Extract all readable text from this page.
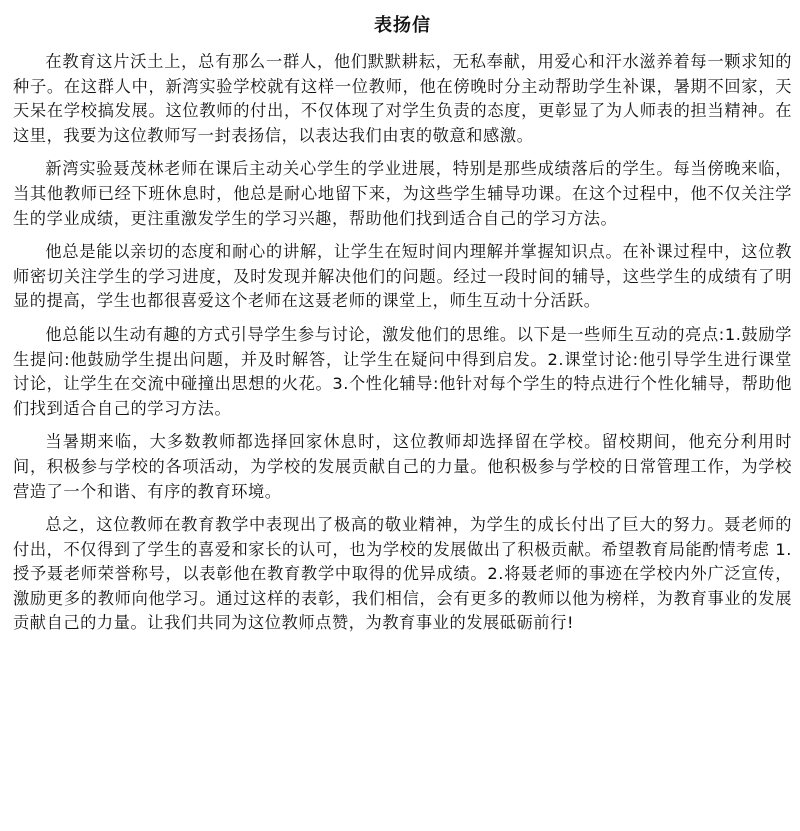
表扬信

在教育这片沃土上，总有那么一群人，他们默默耕耘，无私奉献，用爱心和汗水滋养着每一颗求知的种子。在这群人中，新湾实验学校就有这样一位教师，他在傍晚时分主动帮助学生补课，暑期不回家，天天呆在学校搞发展。这位教师的付出，不仅体现了对学生负责的态度，更彰显了为人师表的担当精神。在这里，我要为这位教师写一封表扬信，以表达我们由衷的敬意和感激。

新湾实验聂茂林老师在课后主动关心学生的学业进展，特别是那些成绩落后的学生。每当傍晚来临，当其他教师已经下班休息时，他总是耐心地留下来，为这些学生辅导功课。在这个过程中，他不仅关注学生的学业成绩，更注重激发学生的学习兴趣，帮助他们找到适合自己的学习方法。

他总是能以亲切的态度和耐心的讲解，让学生在短时间内理解并掌握知识点。在补课过程中，这位教师密切关注学生的学习进度，及时发现并解决他们的问题。经过一段时间的辅导，这些学生的成绩有了明显的提高，学生也都很喜爱这个老师在这聂老师的课堂上，师生互动十分活跃。

他总能以生动有趣的方式引导学生参与讨论，激发他们的思维。以下是一些师生互动的亮点:1.鼓励学生提问:他鼓励学生提出问题，并及时解答，让学生在疑问中得到启发。2.课堂讨论:他引导学生进行课堂讨论，让学生在交流中碰撞出思想的火花。3.个性化辅导:他针对每个学生的特点进行个性化辅导，帮助他们找到适合自己的学习方法。

当暑期来临，大多数教师都选择回家休息时，这位教师却选择留在学校。留校期间，他充分利用时间，积极参与学校的各项活动，为学校的发展贡献自己的力量。他积极参与学校的日常管理工作，为学校营造了一个和谐、有序的教育环境。

总之，这位教师在教育教学中表现出了极高的敬业精神，为学生的成长付出了巨大的努力。聂老师的付出，不仅得到了学生的喜爱和家长的认可，也为学校的发展做出了积极贡献。希望教育局能酌情考虑 1.授予聂老师荣誉称号，以表彰他在教育教学中取得的优异成绩。2.将聂老师的事迹在学校内外广泛宣传，激励更多的教师向他学习。通过这样的表彰，我们相信，会有更多的教师以他为榜样，为教育事业的发展贡献自己的力量。让我们共同为这位教师点赞，为教育事业的发展砥砺前行!
